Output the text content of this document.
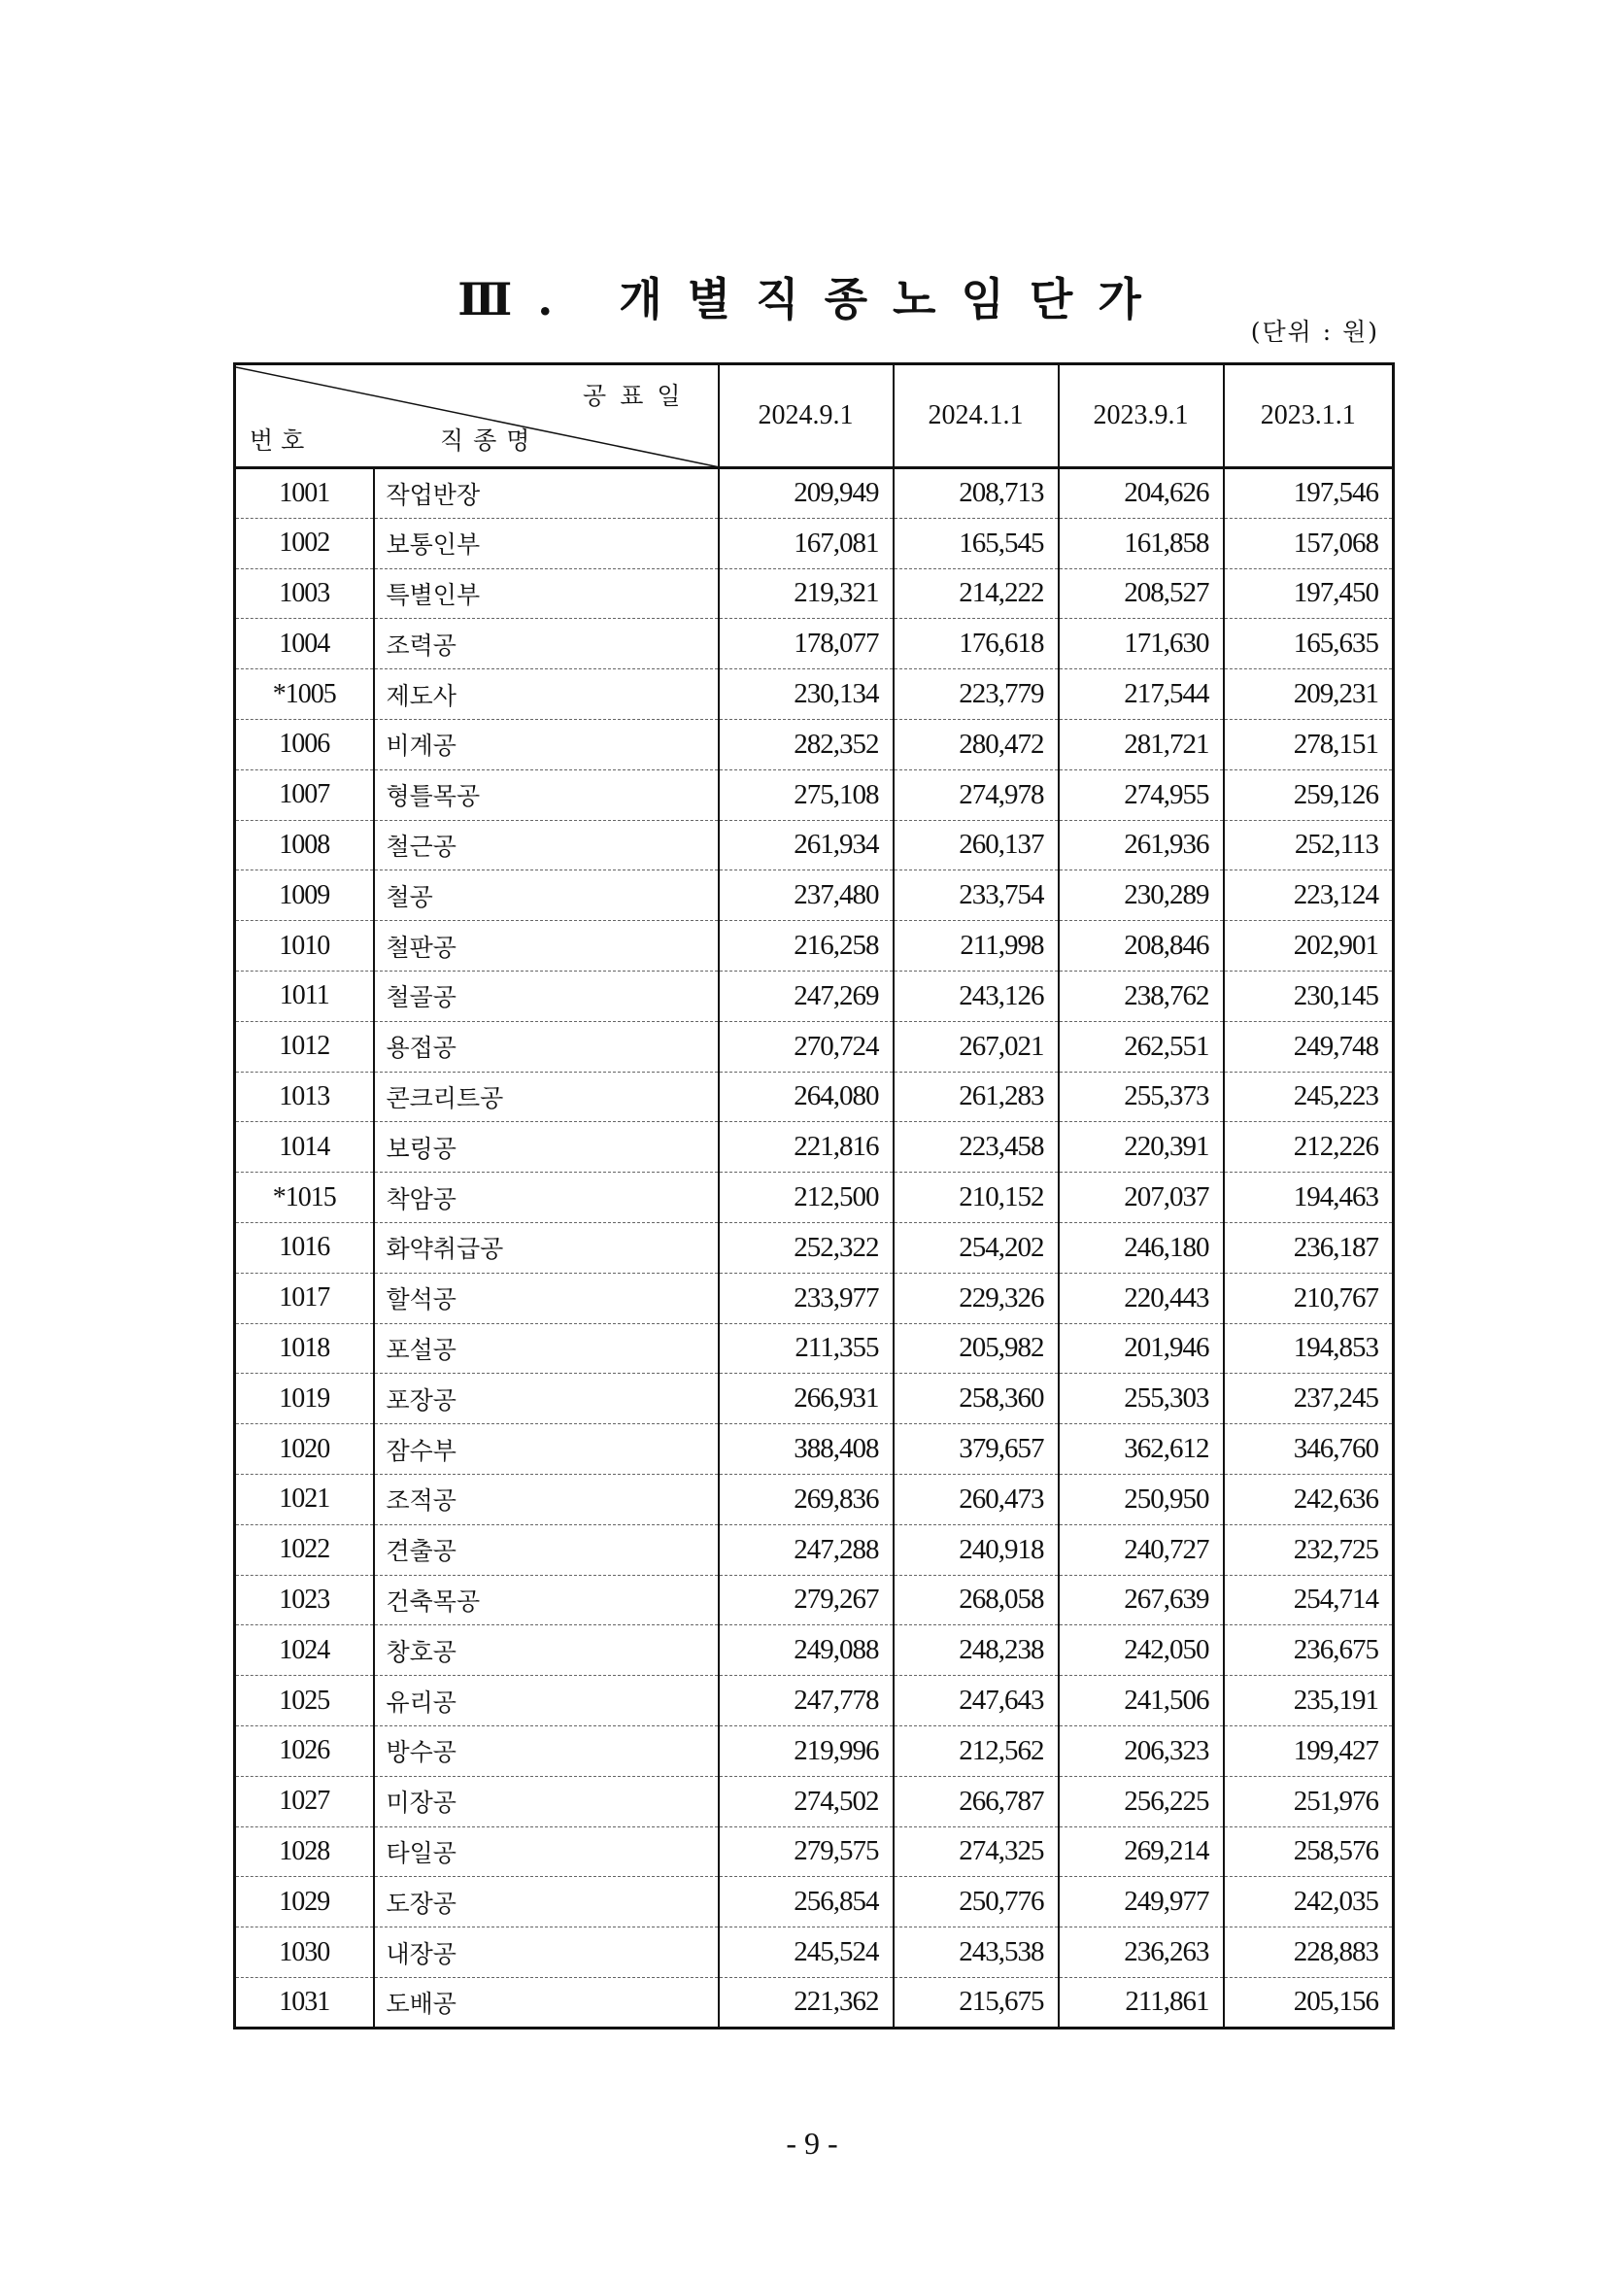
Ⅲ. 개별직종노임단가
(단위 : 원)
공표일
번호 직종명		2024.9.1	2024.1.1	2023.9.1	2023.1.1
1001	작업반장	209,949	208,713	204,626	197,546
1002	보통인부	167,081	165,545	161,858	157,068
1003	특별인부	219,321	214,222	208,527	197,450
1004	조력공	178,077	176,618	171,630	165,635
*1005	제도사	230,134	223,779	217,544	209,231
1006	비계공	282,352	280,472	281,721	278,151
1007	형틀목공	275,108	274,978	274,955	259,126
1008	철근공	261,934	260,137	261,936	252,113
1009	철공	237,480	233,754	230,289	223,124
1010	철판공	216,258	211,998	208,846	202,901
1011	철골공	247,269	243,126	238,762	230,145
1012	용접공	270,724	267,021	262,551	249,748
1013	콘크리트공	264,080	261,283	255,373	245,223
1014	보링공	221,816	223,458	220,391	212,226
*1015	착암공	212,500	210,152	207,037	194,463
1016	화약취급공	252,322	254,202	246,180	236,187
1017	할석공	233,977	229,326	220,443	210,767
1018	포설공	211,355	205,982	201,946	194,853
1019	포장공	266,931	258,360	255,303	237,245
1020	잠수부	388,408	379,657	362,612	346,760
1021	조적공	269,836	260,473	250,950	242,636
1022	견출공	247,288	240,918	240,727	232,725
1023	건축목공	279,267	268,058	267,639	254,714
1024	창호공	249,088	248,238	242,050	236,675
1025	유리공	247,778	247,643	241,506	235,191
1026	방수공	219,996	212,562	206,323	199,427
1027	미장공	274,502	266,787	256,225	251,976
1028	타일공	279,575	274,325	269,214	258,576
1029	도장공	256,854	250,776	249,977	242,035
1030	내장공	245,524	243,538	236,263	228,883
1031	도배공	221,362	215,675	211,861	205,156
- 9 -
